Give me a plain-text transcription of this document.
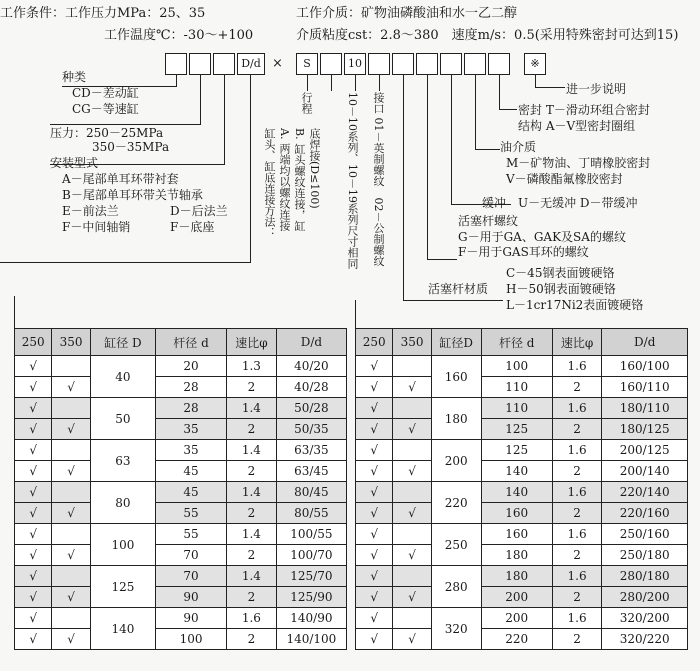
工作条件：工作压力MPa：25、35	工作介质：矿物油磷酸油和水一乙二醇
工作温度℃：-30～+100	介质粘度cst：2.8～380　速度m/s：0.5(采用特殊密封可达到15)
D/d ×	S	10	※
种类
CD－差动缸
CG－等速缸
压力：250－25MPa
350－35MPa
安装型式
A－尾部单耳环带衬套
B－尾部单耳环带关节轴承
E－前法兰	D－后法兰
F－中间轴销	F－底座
行程
缸头、缸底连接方法： A. 两端均以螺纹连接 B. 缸头螺纹连接，缸 底焊接(D≤100) 10－10系列、10－19系列尺寸相同 接口 01－英制螺纹　02－公制螺纹
进一步说明
密封 T－滑动环组合密封
结构 A－V型密封圈组
油介质
M－矿物油、丁晴橡胶密封
V－磷酸酯氟橡胶密封
缓冲　U－无缓冲 D－带缓冲
活塞杆螺纹
G－用于GA、GAK及SA的螺纹
F－用于GAS耳环的螺纹
C－45钢表面镀硬铬
活塞杆材质 H－50钢表面镀硬铬
L－1cr17Ni2表面镀硬铬
250	350	缸径 D	杆径 d	速比φ	D/d
√		40	20	1.3	40/20
√	√		28	2	40/28
√		50	28	1.4	50/28
√	√		35	2	50/35
√		63	35	1.4	63/35
√	√		45	2	63/45
√		80	45	1.4	80/45
√	√		55	2	80/55
√		100	55	1.4	100/55
√	√		70	2	100/70
√		125	70	1.4	125/70
√	√		90	2	125/90
√		140	90	1.6	140/90
√	√		100	2	140/100
250	350	缸径D	杆径 d	速比φ	D/d
√		160	100	1.6	160/100
√	√		110	2	160/110
√		180	110	1.6	180/110
√	√		125	2	180/125
√		200	125	1.6	200/125
√	√		140	2	200/140
√		220	140	1.6	220/140
√	√		160	2	220/160
√		250	160	1.6	250/160
√	√		180	2	250/180
√		280	180	1.6	280/180
√	√		200	2	280/200
√		320	200	1.6	320/200
√	√		220	2	320/220
